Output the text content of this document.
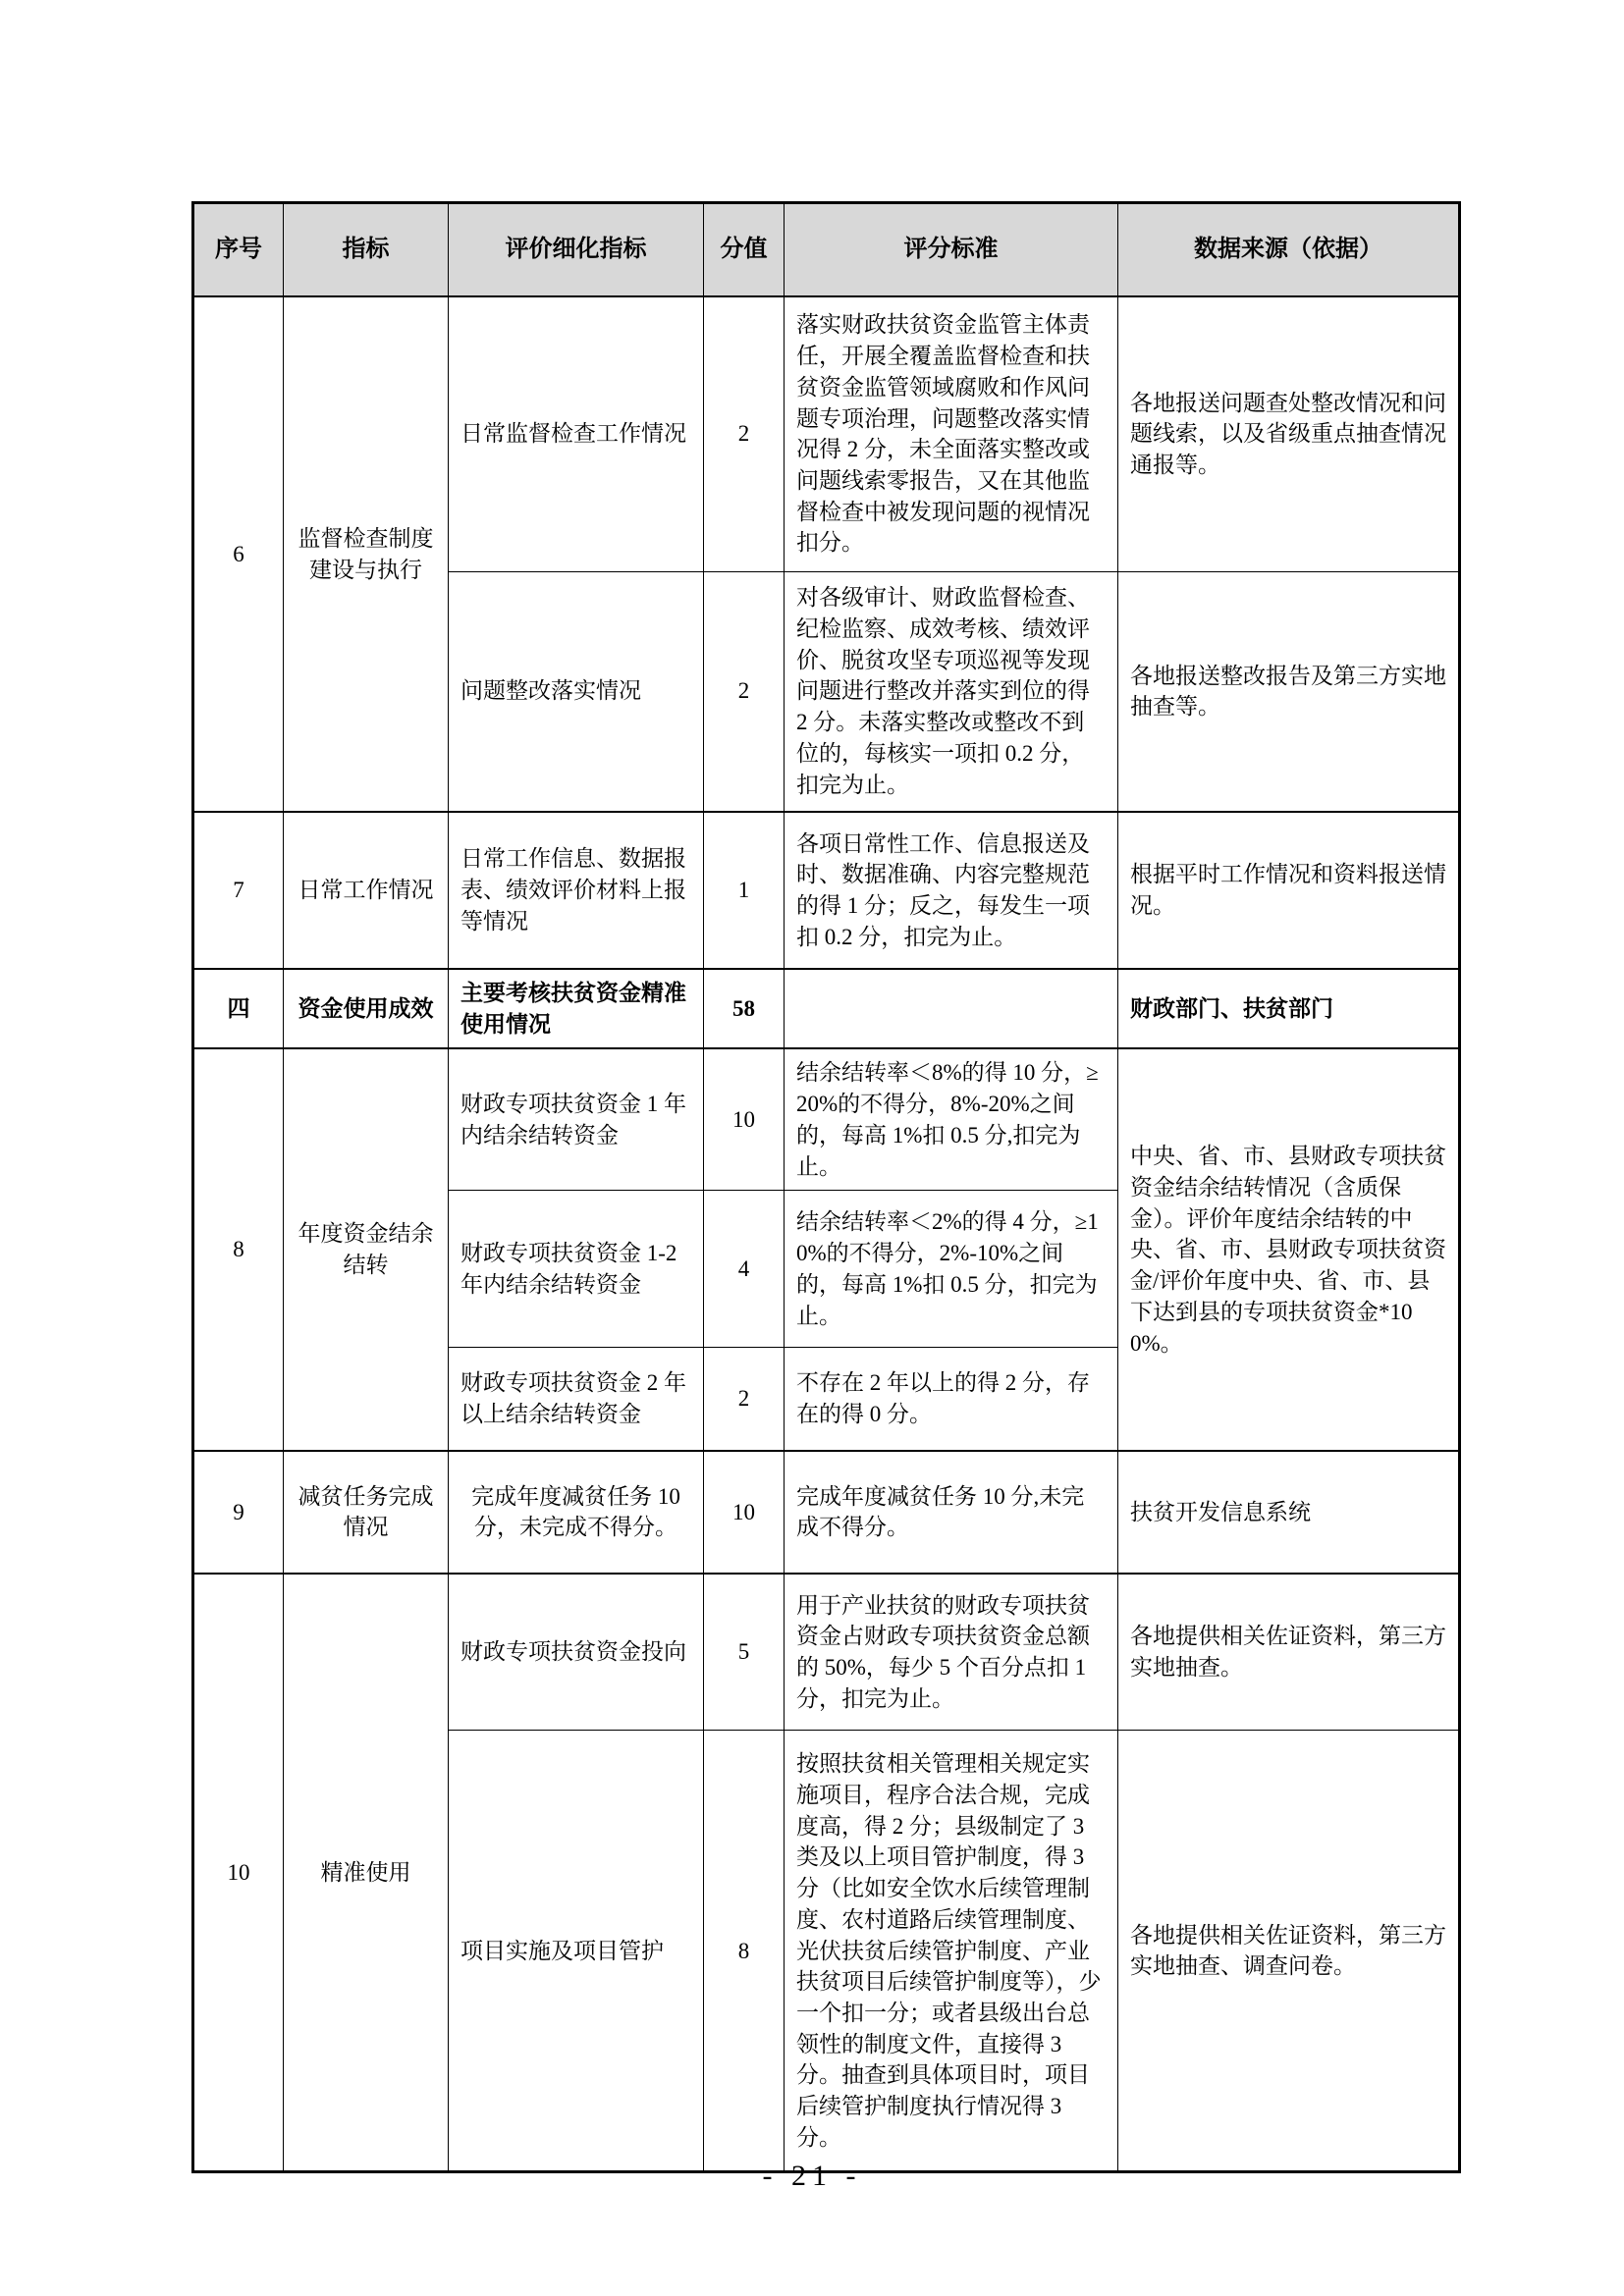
序号	指标	评价细化指标	分值	评分标准	数据来源（依据）
6	监督检查制度建设与执行	日常监督检查工作情况	2	落实财政扶贫资金监管主体责任，开展全覆盖监督检查和扶贫资金监管领域腐败和作风问题专项治理，问题整改落实情况得 2 分，未全面落实整改或问题线索零报告，又在其他监督检查中被发现问题的视情况扣分。	各地报送问题查处整改情况和问题线索，以及省级重点抽查情况通报等。
		问题整改落实情况	2	对各级审计、财政监督检查、纪检监察、成效考核、绩效评价、脱贫攻坚专项巡视等发现问题进行整改并落实到位的得 2 分。未落实整改或整改不到位的，每核实一项扣 0.2 分，扣完为止。	各地报送整改报告及第三方实地抽查等。
7	日常工作情况	日常工作信息、数据报表、绩效评价材料上报等情况	1	各项日常性工作、信息报送及时、数据准确、内容完整规范的得 1 分；反之，每发生一项扣 0.2 分，扣完为止。	根据平时工作情况和资料报送情况。
四	资金使用成效	主要考核扶贫资金精准使用情况	58		财政部门、扶贫部门
8	年度资金结余结转	财政专项扶贫资金 1 年内结余结转资金	10	结余结转率＜8%的得 10 分，≥20%的不得分，8%-20%之间的，每高 1%扣 0.5 分,扣完为止。	中央、省、市、县财政专项扶贫资金结余结转情况（含质保金）。评价年度结余结转的中央、省、市、县财政专项扶贫资金/评价年度中央、省、市、县下达到县的专项扶贫资金*100%。
		财政专项扶贫资金 1-2 年内结余结转资金	4	结余结转率＜2%的得 4 分，≥10%的不得分，2%-10%之间的，每高 1%扣 0.5 分，扣完为止。	
		财政专项扶贫资金 2 年以上结余结转资金	2	不存在 2 年以上的得 2 分，存在的得 0 分。	
9	减贫任务完成情况	完成年度减贫任务 10 分，未完成不得分。	10	完成年度减贫任务 10 分,未完成不得分。	扶贫开发信息系统
10	精准使用	财政专项扶贫资金投向	5	用于产业扶贫的财政专项扶贫资金占财政专项扶贫资金总额的 50%，每少 5 个百分点扣 1 分，扣完为止。	各地提供相关佐证资料，第三方实地抽查。
		项目实施及项目管护	8	按照扶贫相关管理相关规定实施项目，程序合法合规，完成度高，得 2 分；县级制定了 3 类及以上项目管护制度，得 3 分（比如安全饮水后续管理制度、农村道路后续管理制度、光伏扶贫后续管护制度、产业扶贫项目后续管护制度等），少一个扣一分；或者县级出台总领性的制度文件，直接得 3 分。抽查到具体项目时，项目后续管护制度执行情况得 3 分。	各地提供相关佐证资料，第三方实地抽查、调查问卷。
- 21 -
